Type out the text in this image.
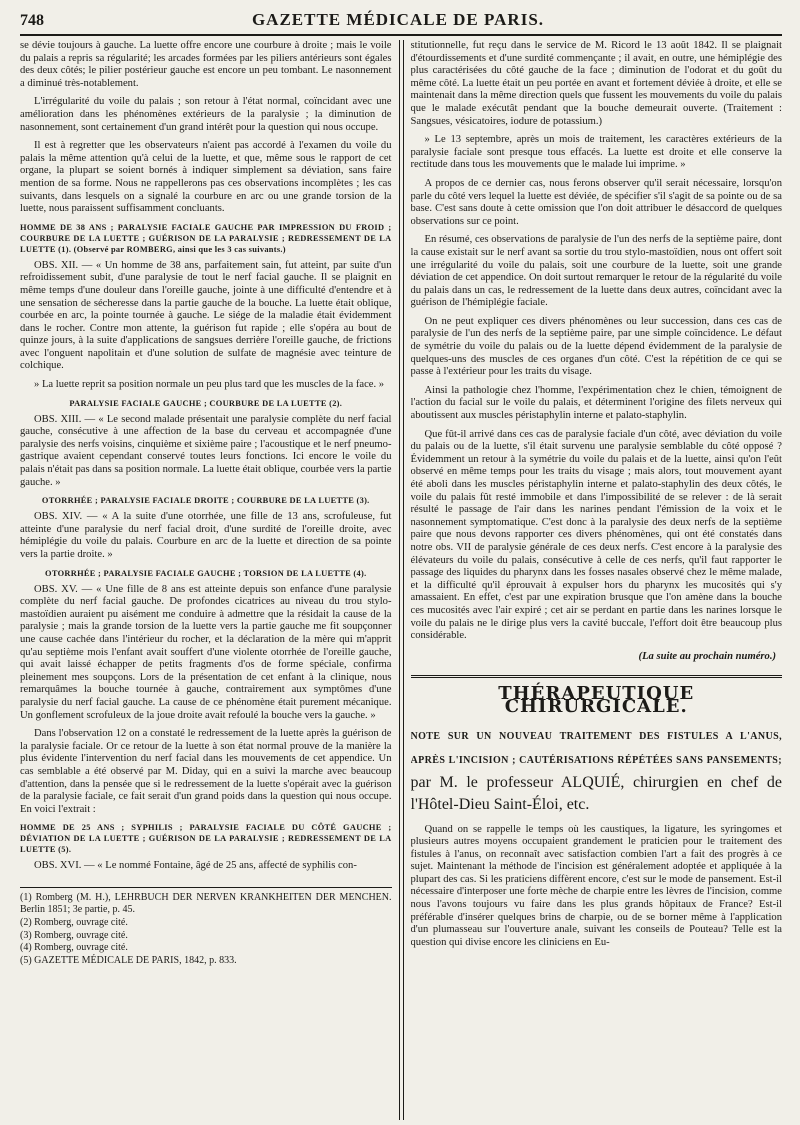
748	GAZETTE MÉDICALE DE PARIS.

se dévie toujours à gauche. La luette offre encore une courbure à droite ; mais le voile du palais a repris sa régularité; les arcades formées par les piliers antérieurs sont égales des deux côtés; le pilier postérieur gauche est encore un peu tombant. Le nasonnement a diminué très-notablement.

L'irrégularité du voile du palais ; son retour à l'état normal, coïncidant avec une amélioration dans les phénomènes extérieurs de la paralysie ; la diminution de nasonnement, sont certainement d'un grand intérêt pour la question qui nous occupe.

Il est à regretter que les observateurs n'aient pas accordé à l'examen du voile du palais la même attention qu'à celui de la luette, et que, même sous le rapport de cet organe, la plupart se soient bornés à indiquer simplement sa déviation, sans faire mention de sa forme. Nous ne rappellerons pas ces observations incomplètes ; les cas suivants, dans lesquels on a signalé la courbure en arc ou une grande torsion de la luette, nous paraissent suffisamment concluants.

HOMME DE 38 ANS ; PARALYSIE FACIALE GAUCHE PAR IMPRESSION DU FROID ; COURBURE DE LA LUETTE ; GUÉRISON DE LA PARALYSIE ; REDRESSEMENT DE LA LUETTE (1). (Observé par ROMBERG, ainsi que les 3 cas suivants.)

OBS. XII. — « Un homme de 38 ans, parfaitement sain, fut atteint, par suite d'un refroidissement subit, d'une paralysie de tout le nerf facial gauche. Il se plaignit en même temps d'une douleur dans l'oreille gauche, jointe à une difficulté d'entendre et à une sensation de sécheresse dans la partie gauche de la bouche. La luette était oblique, courbée en arc, la pointe tournée à gauche. Le siége de la maladie était évidemment dans le rocher. Contre mon attente, la guérison fut rapide ; elle s'opéra au bout de quinze jours, à la suite d'applications de sangsues derrière l'oreille gauche, de frictions avec l'onguent napolitain et d'une solution de sulfate de magnésie avec teinture de colchique.

» La luette reprit sa position normale un peu plus tard que les muscles de la face. »

PARALYSIE FACIALE GAUCHE ; COURBURE DE LA LUETTE (2).

OBS. XIII. — « Le second malade présentait une paralysie complète du nerf facial gauche, consécutive à une affection de la base du cerveau et accompagnée d'une paralysie des nerfs voisins, cinquième et sixième paire ; l'acoustique et le nerf pneumo-gastrique avaient cependant conservé toutes leurs fonctions. Ici encore le voile du palais n'était pas dans sa position normale. La luette était oblique, courbée vers la partie gauche. »

OTORRHÉE ; PARALYSIE FACIALE DROITE ; COURBURE DE LA LUETTE (3).

OBS. XIV. — « A la suite d'une otorrhée, une fille de 13 ans, scrofuleuse, fut atteinte d'une paralysie du nerf facial droit, d'une surdité de l'oreille droite, avec hémiplégie du voile du palais. Courbure en arc de la luette et direction de sa pointe vers la partie droite. »

OTORRHÉE ; PARALYSIE FACIALE GAUCHE ; TORSION DE LA LUETTE (4).

OBS. XV. — « Une fille de 8 ans est atteinte depuis son enfance d'une paralysie complète du nerf facial gauche. De profondes cicatrices au niveau du trou stylo-mastoïdien auraient pu aisément me conduire à admettre que la résidait la cause de la paralysie ; mais la grande torsion de la luette vers la partie gauche me fit soupçonner une cause cachée dans l'intérieur du rocher, et la déclaration de la mère qui m'apprit qu'au septième mois l'enfant avait souffert d'une violente otorrhée de l'oreille gauche, qui avait laissé échapper de petits fragments d'os de forme spéciale, confirma pleinement mes soupçons. Lors de la présentation de cet enfant à la clinique, nous remarquâmes la bouche tournée à gauche, contrairement aux symptômes d'une paralysie du nerf facial gauche. La cause de ce phénomène était purement mécanique. Un gonflement scrofuleux de la joue droite avait refoulé la bouche vers la gauche. »

Dans l'observation 12 on a constaté le redressement de la luette après la guérison de la paralysie faciale. Or ce retour de la luette à son état normal prouve de la manière la plus évidente l'intervention du nerf facial dans les mouvements de cet appendice. Un cas semblable a été observé par M. Diday, qui en a suivi la marche avec beaucoup d'attention, dans la pensée que si le redressement de la luette s'opérait avec la guérison de la paralysie faciale, ce fait serait d'un grand poids dans la question qui nous occupe. En voici l'extrait :

HOMME DE 25 ANS ; SYPHILIS ; PARALYSIE FACIALE DU CÔTÉ GAUCHE ; DÉVIATION DE LA LUETTE ; GUÉRISON DE LA PARALYSIE ; REDRESSEMENT DE LA LUETTE (5).

OBS. XVI. — « Le nommé Fontaine, âgé de 25 ans, affecté de syphilis con-

(1) Romberg (M. H.), LEHRBUCH DER NERVEN KRANKHEITEN DER MENCHEN. Berlin 1851; 3e partie, p. 45.

(2) Romberg, ouvrage cité.

(3) Romberg, ouvrage cité.

(4) Romberg, ouvrage cité.

(5) GAZETTE MÉDICALE DE PARIS, 1842, p. 833.

stitutionnelle, fut reçu dans le service de M. Ricord le 13 août 1842. Il se plaignait d'étourdissements et d'une surdité commençante ; il avait, en outre, une hémiplégie des plus caractérisées du côté gauche de la face ; diminution de l'odorat et du goût du même côté. La luette était un peu portée en avant et fortement déviée à droite, et elle se maintenait dans la même direction quels que fussent les mouvements du voile du palais que le malade exécutât pendant que la bouche demeurait ouverte. (Traitement : Sangsues, vésicatoires, iodure de potassium.)

» Le 13 septembre, après un mois de traitement, les caractères extérieurs de la paralysie faciale sont presque tous effacés. La luette est droite et elle conserve la rectitude dans tous les mouvements que le malade lui imprime. »

A propos de ce dernier cas, nous ferons observer qu'il serait nécessaire, lorsqu'on parle du côté vers lequel la luette est déviée, de spécifier s'il s'agit de sa pointe ou de sa base. C'est sans doute à cette omission que l'on doit attribuer le désaccord de quelques observations sur ce point.

En résumé, ces observations de paralysie de l'un des nerfs de la septième paire, dont la cause existait sur le nerf avant sa sortie du trou stylo-mastoïdien, nous ont offert soit une irrégularité du voile du palais, soit une courbure de la luette, soit une grande déviation de cet appendice. On doit surtout remarquer le retour de la régularité du voile du palais dans un cas, le redressement de la luette dans deux autres, coïncidant avec la guérison de l'hémiplégie faciale.

On ne peut expliquer ces divers phénomènes ou leur succession, dans ces cas de paralysie de l'un des nerfs de la septième paire, par une simple coïncidence. Le défaut de symétrie du voile du palais ou de la luette dépend évidemment de la paralysie de quelques-uns des muscles de ces organes d'un côté. C'est la répétition de ce qui se passe à l'extérieur pour les traits du visage.

Ainsi la pathologie chez l'homme, l'expérimentation chez le chien, témoignent de l'action du facial sur le voile du palais, et déterminent l'origine des filets nerveux qui aboutissent aux muscles péristaphylin interne et palato-staphylin.

Que fût-il arrivé dans ces cas de paralysie faciale d'un côté, avec déviation du voile du palais ou de la luette, s'il était survenu une paralysie semblable du côté opposé ? Évidemment un retour à la symétrie du voile du palais et de la luette, ainsi qu'on l'eût observé en même temps pour les traits du visage ; mais alors, tout mouvement ayant été aboli dans les muscles péristaphylin interne et palato-staphylin des deux côtés, le voile du palais fût resté immobile et dans l'impossibilité de se relever : de là serait résulté le passage de l'air dans les narines pendant l'émission de la voix et le nasonnement symptomatique. C'est donc à la paralysie des deux nerfs de la septième paire que nous devons rapporter ces divers phénomènes, qui ont été constatés dans notre obs. VII de paralysie générale de ces deux nerfs. C'est encore à la paralysie des élévateurs du voile du palais, consécutive à celle de ces nerfs, qu'il faut rapporter le passage des liquides du pharynx dans les fosses nasales observé chez le même malade, et la difficulté qu'il éprouvait à expulser hors du pharynx les mucosités qui s'y amassaient. En effet, c'est par une expiration brusque que l'on amène dans la bouche ces mucosités avec l'air expiré ; cet air se perdant en partie dans les narines lorsque le voile du palais ne le dirige plus vers la cavité buccale, l'effort doit être beaucoup plus considérable.

(La suite au prochain numéro.)
THÉRAPEUTIQUE CHIRURGICALE.
NOTE SUR UN NOUVEAU TRAITEMENT DES FISTULES A L'ANUS, APRÈS L'INCISION ; CAUTÉRISATIONS RÉPÉTÉES SANS PANSEMENTS; par M. le professeur ALQUIÉ, chirurgien en chef de l'Hôtel-Dieu Saint-Éloi, etc.

Quand on se rappelle le temps où les caustiques, la ligature, les syringomes et plusieurs autres moyens occupaient grandement le praticien pour le traitement des fistules à l'anus, on reconnaît avec satisfaction combien l'art a fait des progrès à ce sujet. Maintenant la méthode de l'incision est généralement adoptée et appliquée à la plupart des cas. Si les praticiens diffèrent encore, c'est sur le mode de pansement. Est-il nécessaire d'interposer une forte mèche de charpie entre les lèvres de l'incision, comme nous l'avons toujours vu faire dans les plus grands hôpitaux de France? Est-il préférable d'insérer quelques brins de charpie, ou de se borner même à l'application d'un plumasseau sur l'ouverture anale, suivant les conseils de Pouteau? Telle est la question qui divise encore les cliniciens en Eu-
